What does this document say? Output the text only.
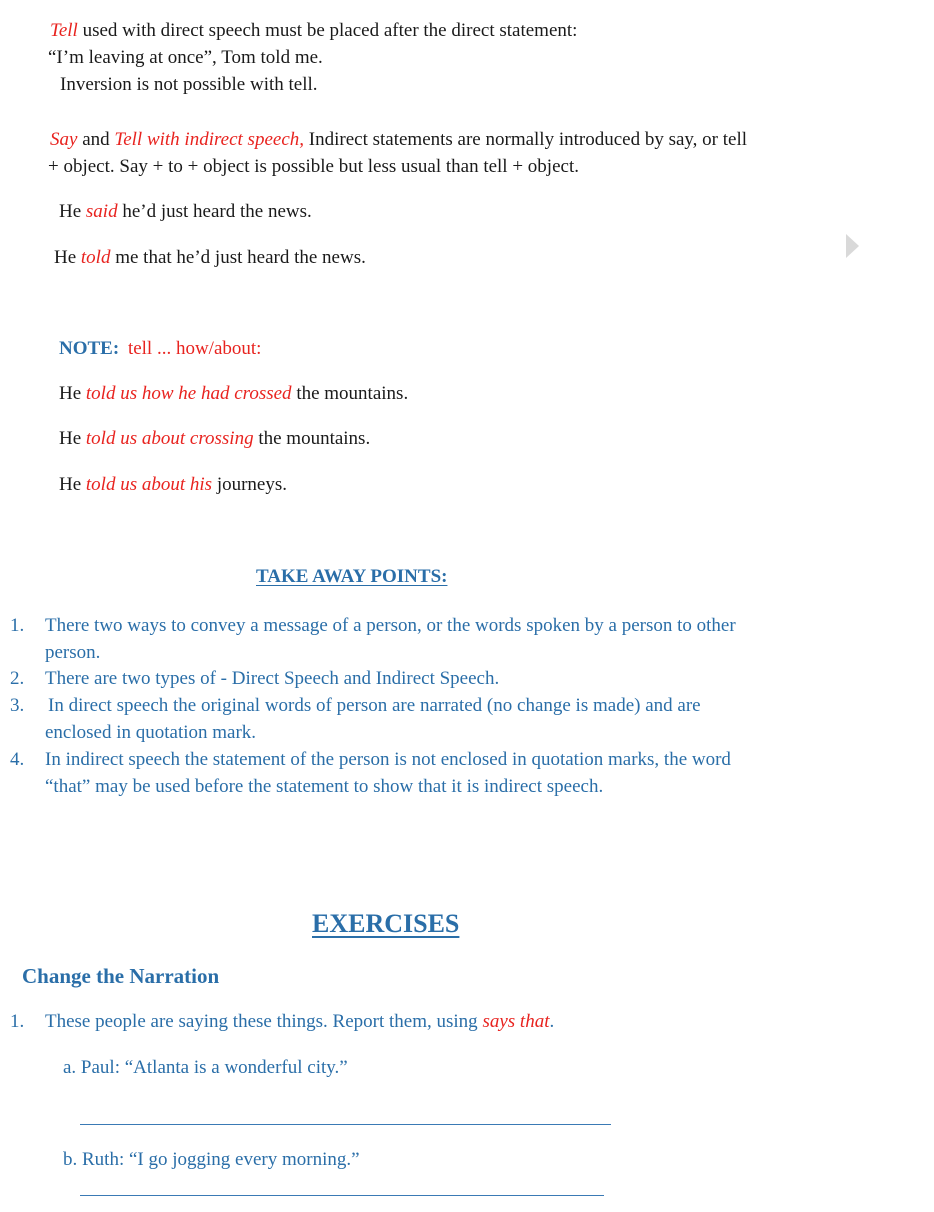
Tell used with direct speech must be placed after the direct statement:
“I’m leaving at once”, Tom told me.
Inversion is not possible with tell.
Say and Tell with indirect speech, Indirect statements are normally introduced by say, or tell
+ object. Say + to + object is possible but less usual than tell + object.
He said he’d just heard the news.
He told me that he’d just heard the news.
NOTE: tell ... how/about:
He told us how he had crossed the mountains.
He told us about crossing the mountains.
He told us about his journeys.
TAKE AWAY POINTS:
1. There two ways to convey a message of a person, or the words spoken by a person to other
person.
2. There are two types of - Direct Speech and Indirect Speech.
3. In direct speech the original words of person are narrated (no change is made) and are
enclosed in quotation mark.
4. In indirect speech the statement of the person is not enclosed in quotation marks, the word
“that” may be used before the statement to show that it is indirect speech.
EXERCISES
Change the Narration
1. These people are saying these things. Report them, using says that.
a. Paul: “Atlanta is a wonderful city.”
b. Ruth: “I go jogging every morning.”
